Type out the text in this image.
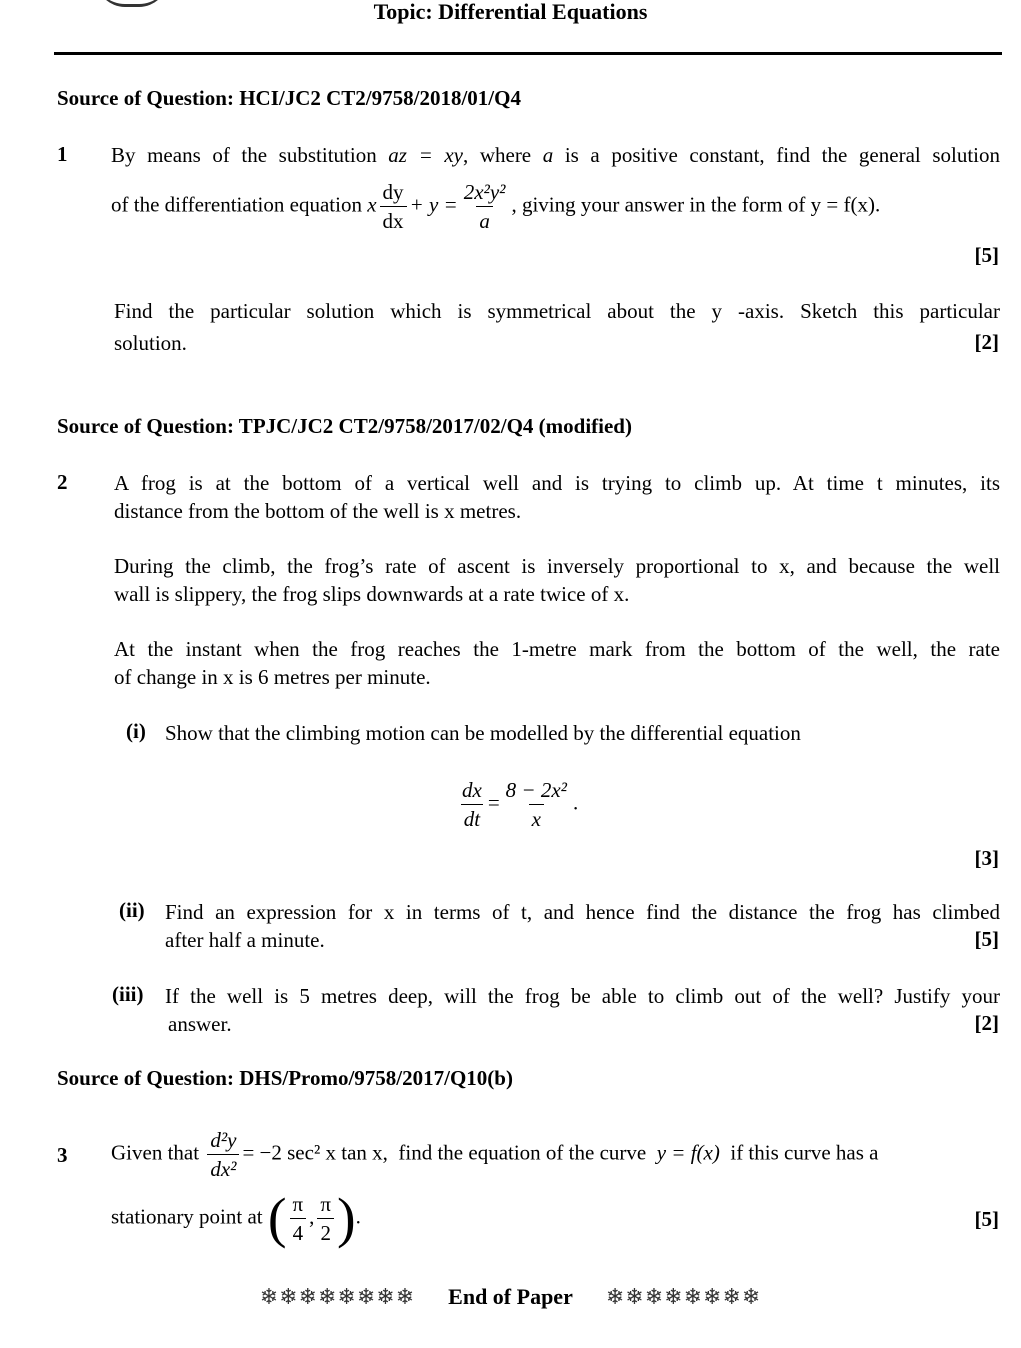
Topic: Differential Equations
Source of Question: HCI/JC2 CT2/9758/2018/01/Q4
1 By means of the substitution az = xy, where a is a positive constant, find the general solution
of the differentiation equation x $\frac{dy}{dx} + y = \frac{\text{2x²y²}}{a}$ , giving your answer in the form of y = f(x).
[5]
Find the particular solution which is symmetrical about the y -axis. Sketch this particular
solution.	[2]
Source of Question: TPJC/JC2 CT2/9758/2017/02/Q4 (modified)
2 A frog is at the bottom of a vertical well and is trying to climb up. At time t minutes, its
distance from the bottom of the well is x metres.
During the climb, the frog’s rate of ascent is inversely proportional to x, and because the well
wall is slippery, the frog slips downwards at a rate twice of x.
At the instant when the frog reaches the 1-metre mark from the bottom of the well, the rate
of change in x is 6 metres per minute.
(i) Show that the climbing motion can be modelled by the differential equation
$\frac{dx}{dt} = \frac{\text{8 − 2x²}}{x}$ .
[3]
(ii) Find an expression for x in terms of t, and hence find the distance the frog has climbed
after half a minute.	[5]
(iii) If the well is 5 metres deep, will the frog be able to climb out of the well? Justify your
answer.	[2]
Source of Question: DHS/Promo/9758/2017/Q10(b)
3 Given that $\frac{\text{d²y}}{\text{dx²}} = -2$ sec² x tan x, find the equation of the curve y = f(x) if this curve has a
stationary point at ( $\frac{\pi}{4}$ , $\frac{\pi}{2}$ ).	[5]
❄❄❄❄❄❄❄❄ End of Paper ❄❄❄❄❄❄❄❄
